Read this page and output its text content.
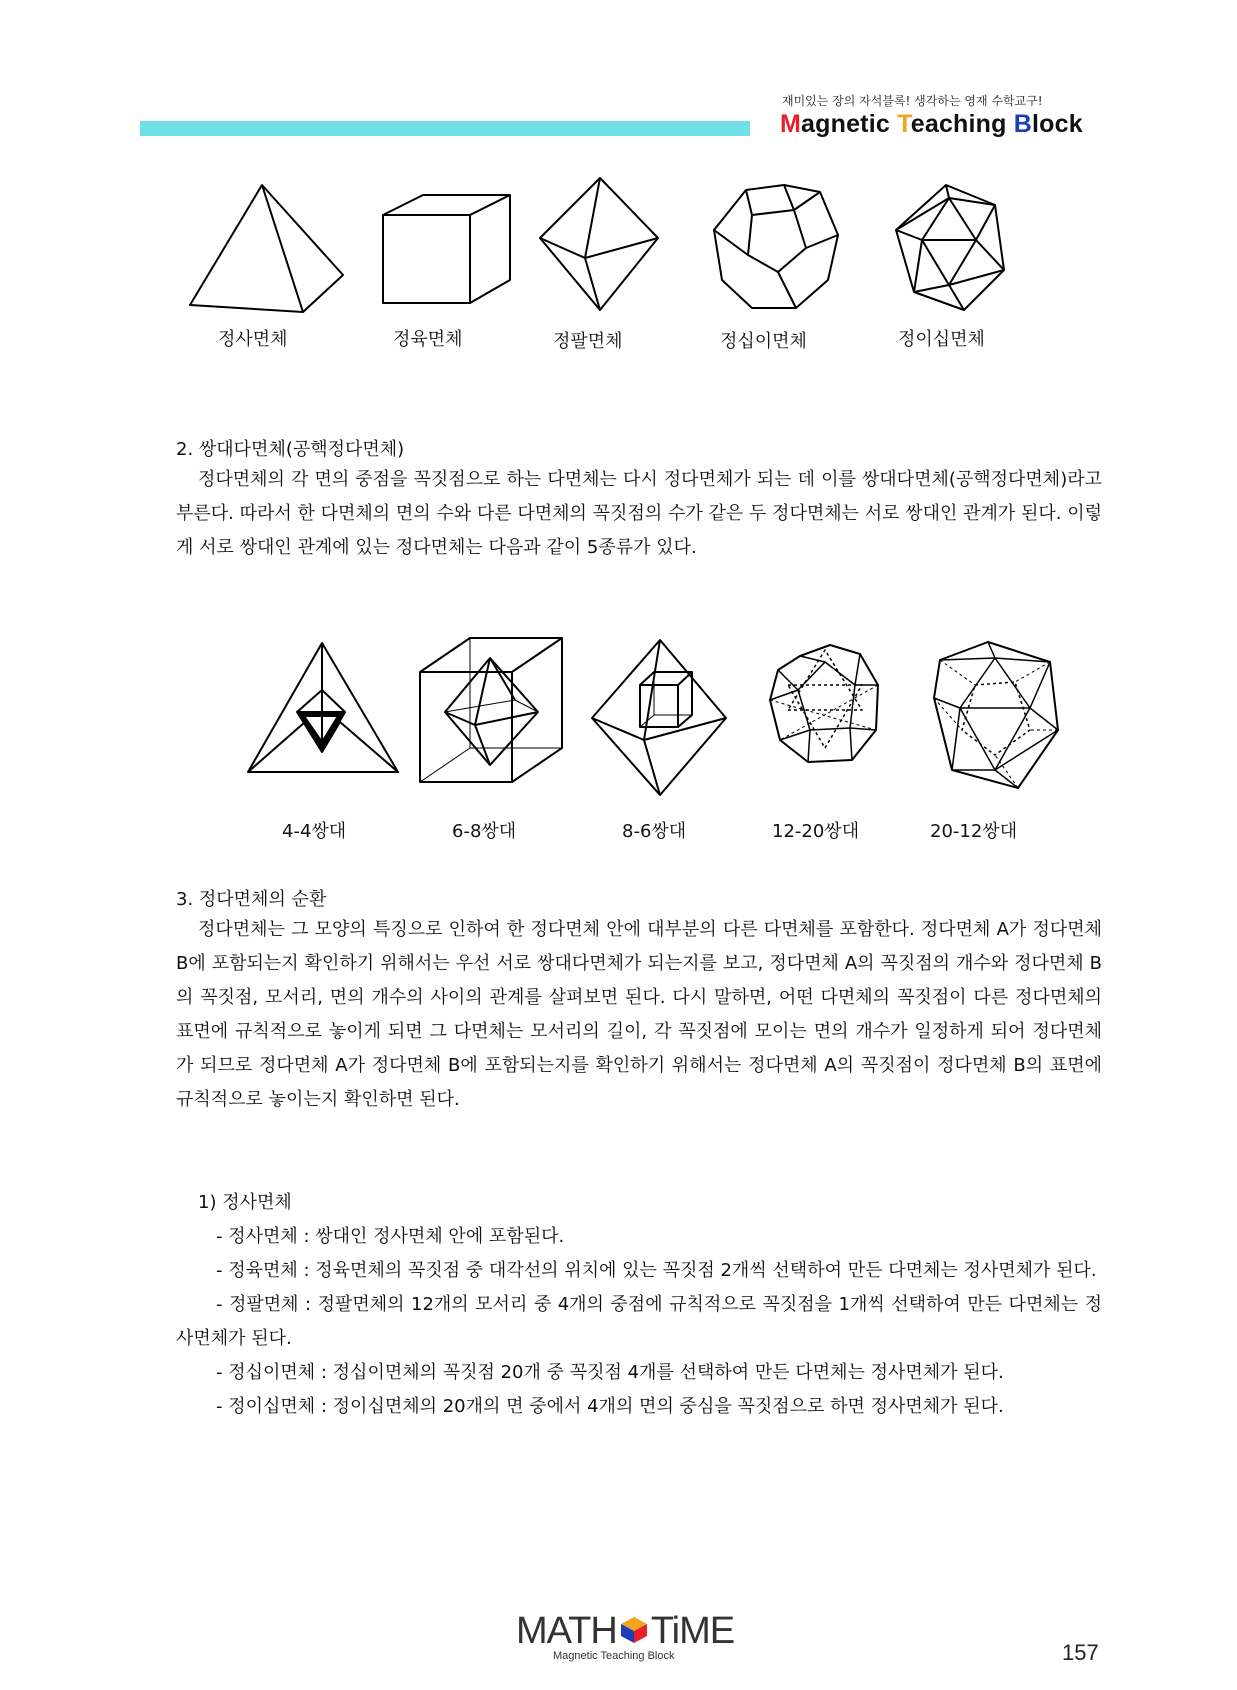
재미있는 장의 자석블록! 생각하는 영재 수학교구!
Magnetic Teaching Block
정사면체	정육면체	정팔면체	정십이면체	정이십면체
2. 쌍대다면체(공핵정다면체)

정다면체의 각 면의 중점을 꼭짓점으로 하는 다면체는 다시 정다면체가 되는 데 이를 쌍대다면체(공핵정다면체)라고 부른다. 따라서 한 다면체의 면의 수와 다른 다면체의 꼭짓점의 수가 같은 두 정다면체는 서로 쌍대인 관계가 된다. 이렇게 서로 쌍대인 관계에 있는 정다면체는 다음과 같이 5종류가 있다.

4-4쌍대	6-8쌍대	8-6쌍대	12-20쌍대	20-12쌍대
3. 정다면체의 순환

정다면체는 그 모양의 특징으로 인하여 한 정다면체 안에 대부분의 다른 다면체를 포함한다. 정다면체 A가 정다면체 B에 포함되는지 확인하기 위해서는 우선 서로 쌍대다면체가 되는지를 보고, 정다면체 A의 꼭짓점의 개수와 정다면체 B의 꼭짓점, 모서리, 면의 개수의 사이의 관계를 살펴보면 된다. 다시 말하면, 어떤 다면체의 꼭짓점이 다른 정다면체의 표면에 규칙적으로 놓이게 되면 그 다면체는 모서리의 길이, 각 꼭짓점에 모이는 면의 개수가 일정하게 되어 정다면체가 되므로 정다면체 A가 정다면체 B에 포함되는지를 확인하기 위해서는 정다면체 A의 꼭짓점이 정다면체 B의 표면에 규칙적으로 놓이는지 확인하면 된다.

1) 정사면체
- 정사면체 : 쌍대인 정사면체 안에 포함된다.
- 정육면체 : 정육면체의 꼭짓점 중 대각선의 위치에 있는 꼭짓점 2개씩 선택하여 만든 다면체는 정사면체가 된다.
- 정팔면체 : 정팔면체의 12개의 모서리 중 4개의 중점에 규칙적으로 꼭짓점을 1개씩 선택하여 만든 다면체는 정사면체가 된다.
- 정십이면체 : 정십이면체의 꼭짓점 20개 중 꼭짓점 4개를 선택하여 만든 다면체는 정사면체가 된다.
- 정이십면체 : 정이십면체의 20개의 면 중에서 4개의 면의 중심을 꼭짓점으로 하면 정사면체가 된다.
MATH TiME
Magnetic Teaching Block	157
